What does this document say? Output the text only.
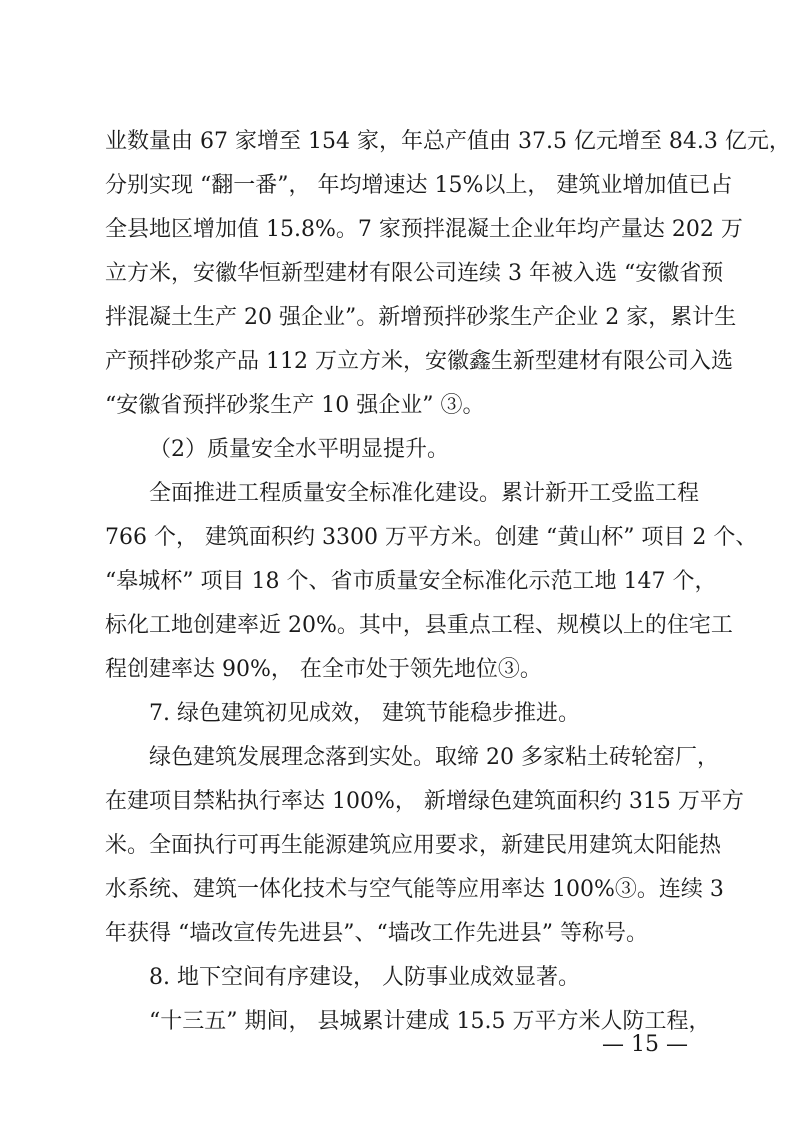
业数量由 67 家增至 154 家，年总产值由 37.5 亿元增至 84.3 亿元，
分别实现 “翻一番”， 年均增速达 15%以上， 建筑业增加值已占
全县地区增加值 15.8%。7 家预拌混凝土企业年均产量达 202 万
立方米，安徽华恒新型建材有限公司连续 3 年被入选 “安徽省预
拌混凝土生产 20 强企业”。新增预拌砂浆生产企业 2 家，累计生
产预拌砂浆产品 112 万立方米，安徽鑫生新型建材有限公司入选
“安徽省预拌砂浆生产 10 强企业” ③。
（2）质量安全水平明显提升。
全面推进工程质量安全标准化建设。累计新开工受监工程
766 个， 建筑面积约 3300 万平方米。创建 “黄山杯” 项目 2 个、
“皋城杯” 项目 18 个、省市质量安全标准化示范工地 147 个，
标化工地创建率近 20%。其中，县重点工程、规模以上的住宅工
程创建率达 90%， 在全市处于领先地位③。
7. 绿色建筑初见成效， 建筑节能稳步推进。
绿色建筑发展理念落到实处。取缔 20 多家粘土砖轮窑厂，
在建项目禁粘执行率达 100%， 新增绿色建筑面积约 315 万平方
米。全面执行可再生能源建筑应用要求，新建民用建筑太阳能热
水系统、建筑一体化技术与空气能等应用率达 100%③。连续 3
年获得 “墙改宣传先进县”、“墙改工作先进县” 等称号。
8. 地下空间有序建设， 人防事业成效显著。
“十三五” 期间， 县城累计建成 15.5 万平方米人防工程，
— 15 —
